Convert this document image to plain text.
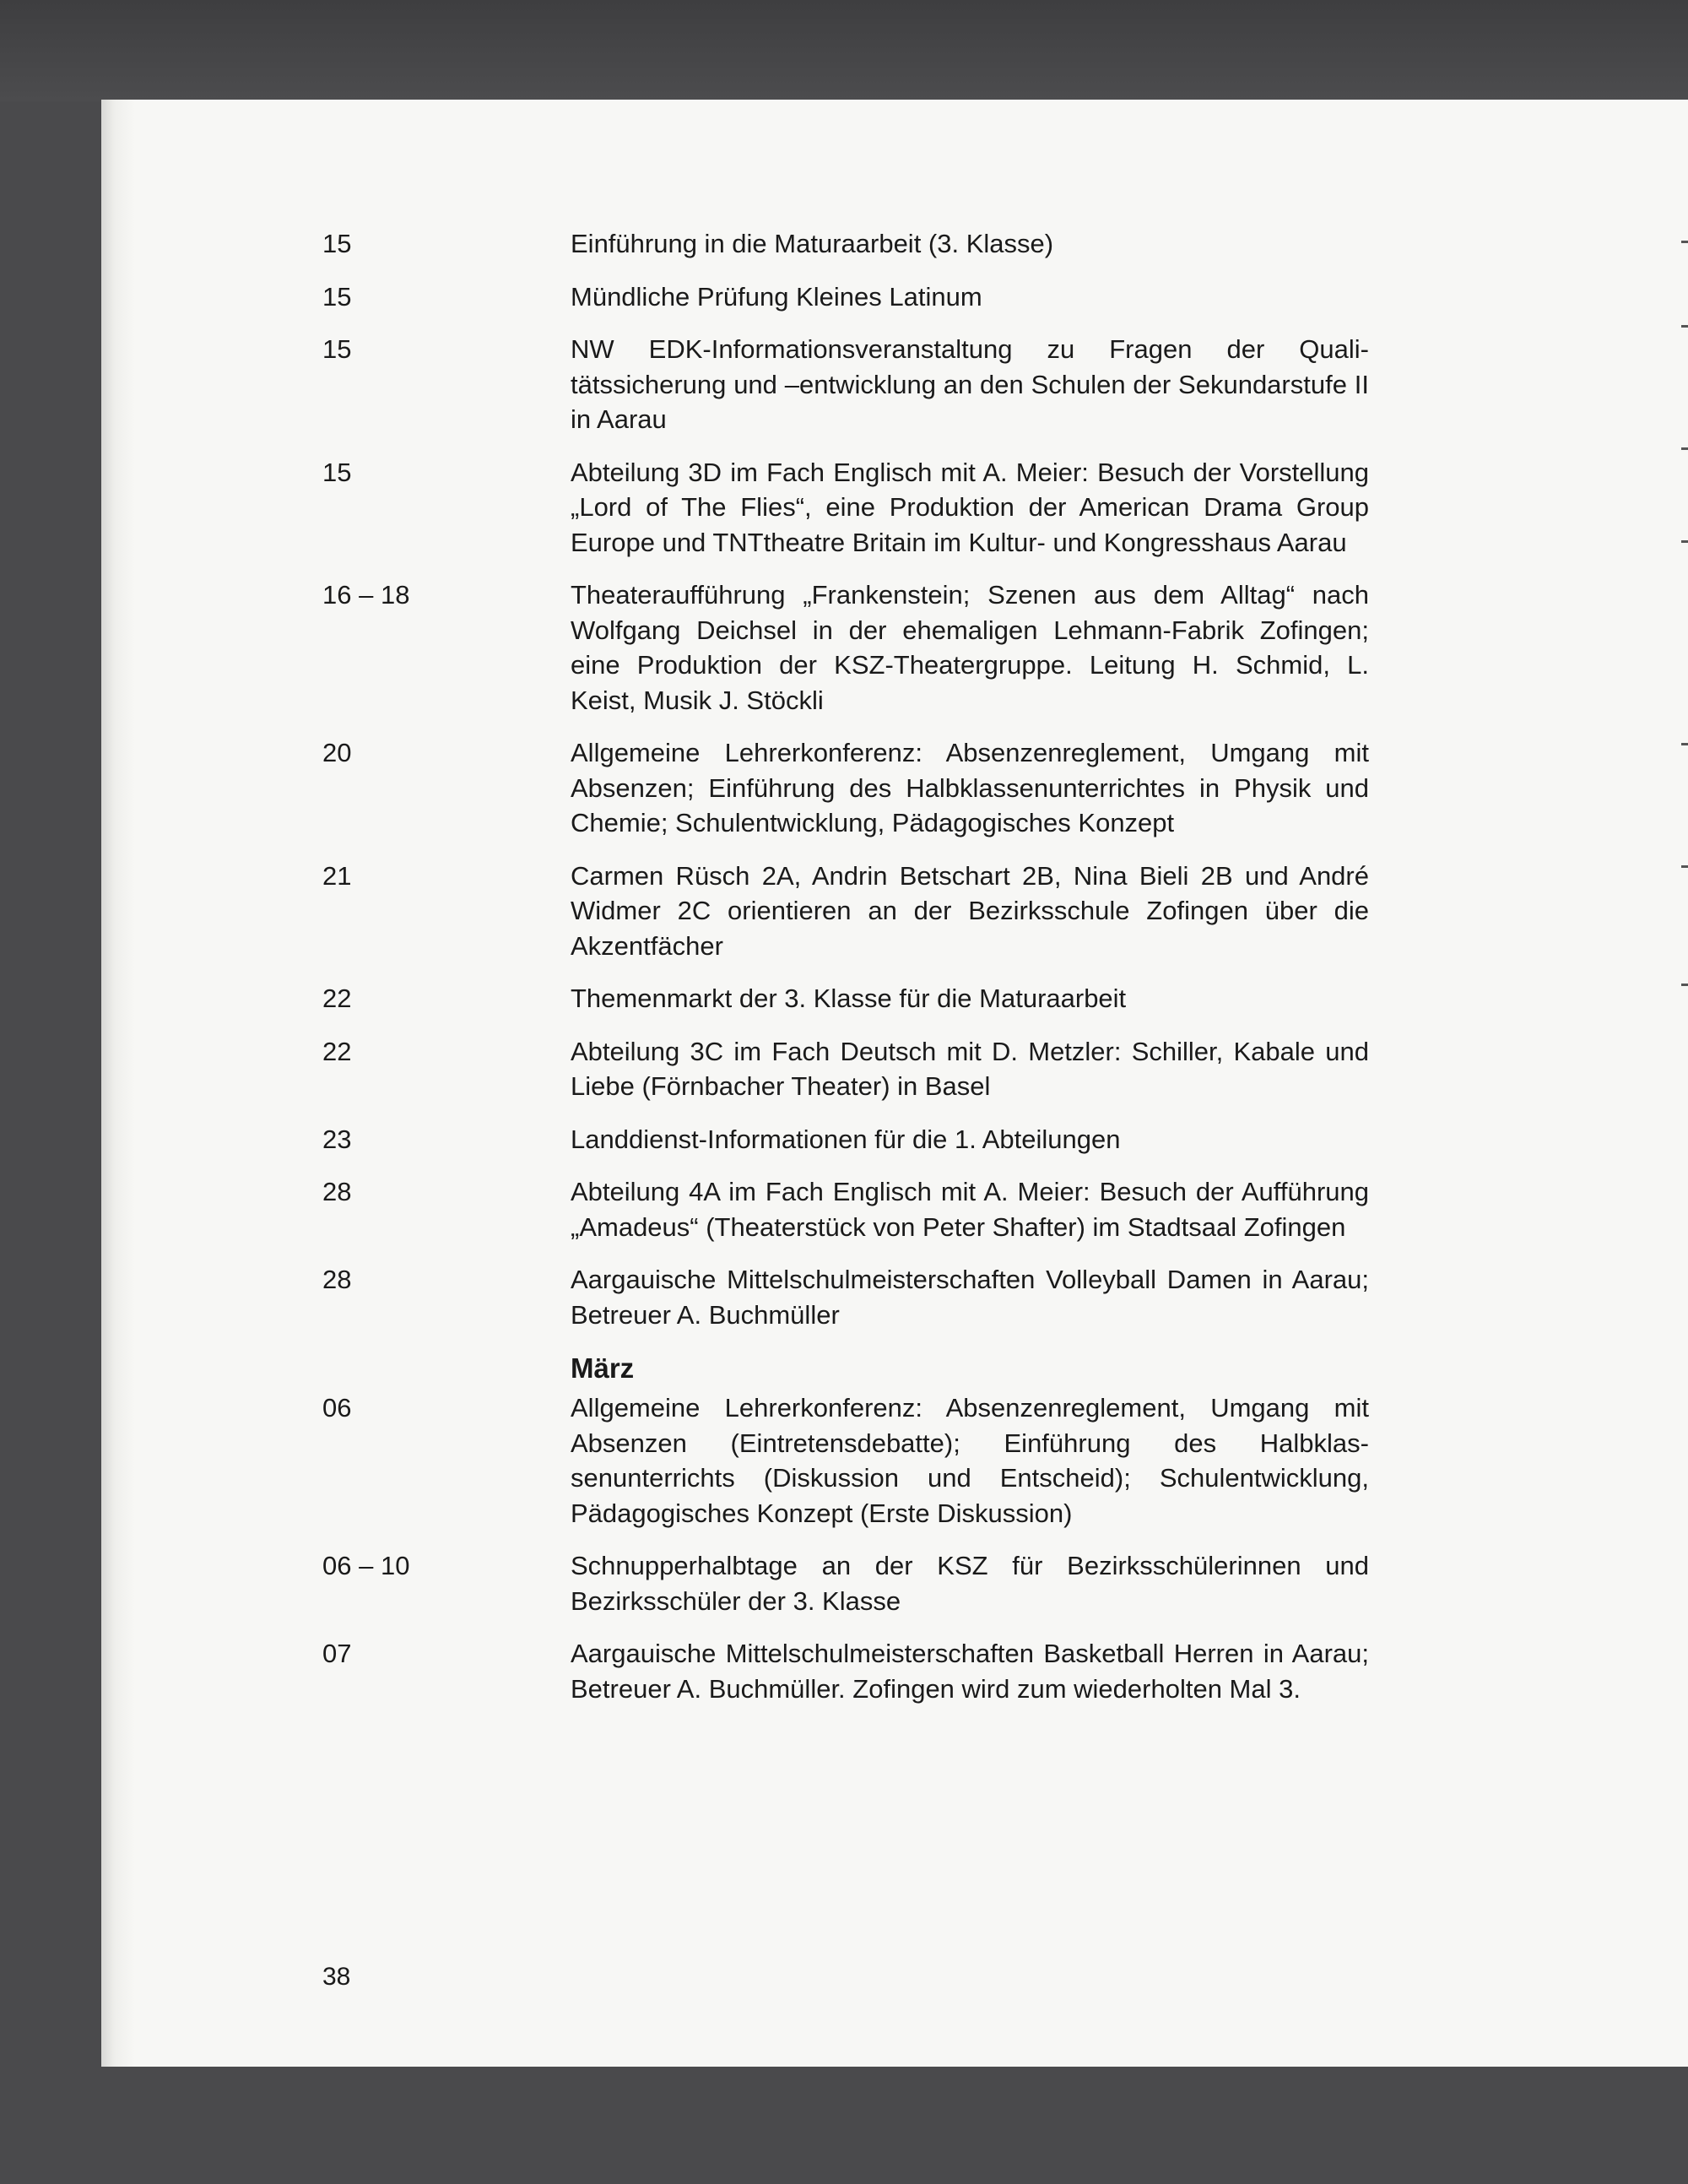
15	Einführung in die Maturaarbeit (3. Klasse)
15	Mündliche Prüfung Kleines Latinum
15	NW EDK-Informationsveranstaltung zu Fragen der Qualitätssicherung und –entwicklung an den Schulen der Sekundarstufe II in Aarau
15	Abteilung 3D im Fach Englisch mit A. Meier: Besuch der Vorstellung „Lord of The Flies“, eine Produktion der American Drama Group Europe und TNTtheatre Britain im Kultur- und Kongresshaus Aarau
16 – 18	Theateraufführung „Frankenstein; Szenen aus dem Alltag“ nach Wolfgang Deichsel in der ehemaligen Lehmann-Fabrik Zofingen; eine Produktion der KSZ-Theatergruppe. Leitung H. Schmid, L. Keist, Musik J. Stöckli
20	Allgemeine Lehrerkonferenz: Absenzenreglement, Umgang mit Absenzen; Einführung des Halbklassenunterrichtes in Physik und Chemie; Schulentwicklung, Pädagogisches Konzept
21	Carmen Rüsch 2A, Andrin Betschart 2B, Nina Bieli 2B und André Widmer 2C orientieren an der Bezirksschule Zofingen über die Akzentfächer
22	Themenmarkt der 3. Klasse für die Maturaarbeit
22	Abteilung 3C im Fach Deutsch mit D. Metzler: Schiller, Kabale und Liebe (Förnbacher Theater) in Basel
23	Landdienst-Informationen für die 1. Abteilungen
28	Abteilung 4A im Fach Englisch mit A. Meier: Besuch der Aufführung „Amadeus“ (Theaterstück von Peter Shafter) im Stadtsaal Zofingen
28	Aargauische Mittelschulmeisterschaften Volleyball Damen in Aarau; Betreuer A. Buchmüller
März
06	Allgemeine Lehrerkonferenz: Absenzenreglement, Umgang mit Absenzen (Eintretensdebatte); Einführung des Halbklassenunterrichts (Diskussion und Entscheid); Schulentwicklung, Pädagogisches Konzept (Erste Diskussion)
06 – 10	Schnupperhalbtage an der KSZ für Bezirksschülerinnen und Bezirksschüler der 3. Klasse
07	Aargauische Mittelschulmeisterschaften Basketball Herren in Aarau; Betreuer A. Buchmüller. Zofingen wird zum wiederholten Mal 3.
38
